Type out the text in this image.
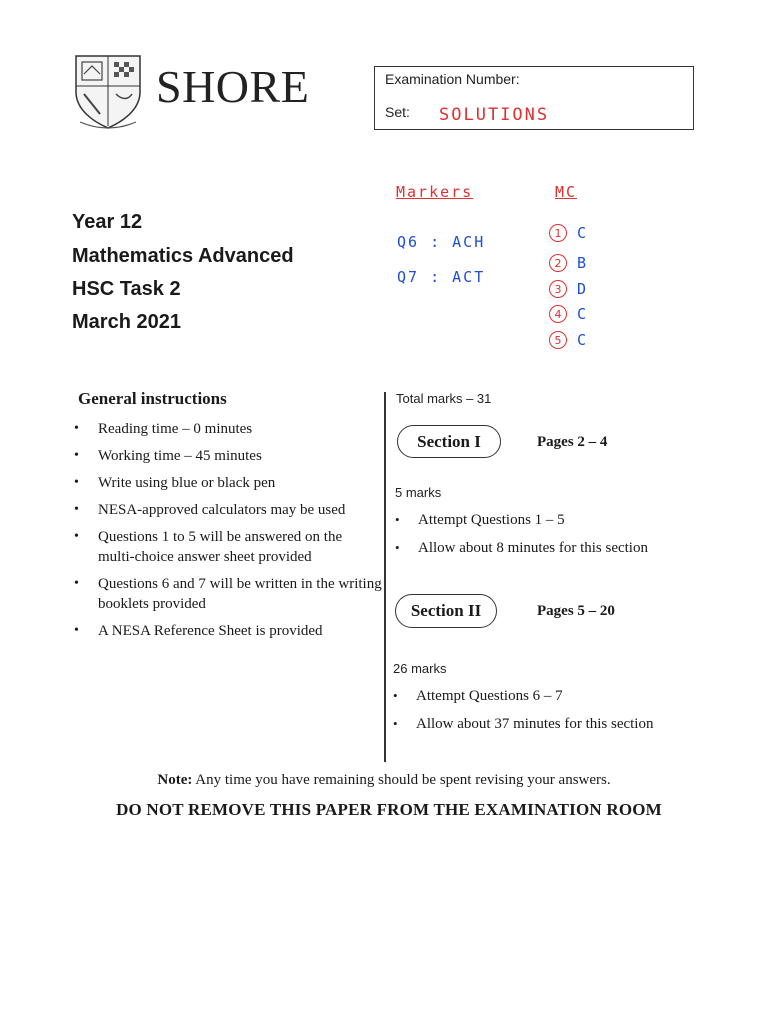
SHORE	Examination Number:
Set: SOLUTIONS
Year 12
Mathematics Advanced
HSC Task 2
March 2021
Markers
Q6 : ACH
Q7 : ACT
MC
1	C
2	B
3	D
4	C
5	C
General instructions
• Reading time – 0 minutes
• Working time – 45 minutes
• Write using blue or black pen
• NESA-approved calculators may be used
• Questions 1 to 5 will be answered on the multi-choice answer sheet provided
• Questions 6 and 7 will be written in the writing booklets provided
• A NESA Reference Sheet is provided
Total marks – 31
Section I	Pages 2 – 4
5 marks
• Attempt Questions 1 – 5
• Allow about 8 minutes for this section
Section II	Pages 5 – 20
26 marks
• Attempt Questions 6 – 7
• Allow about 37 minutes for this section
Note: Any time you have remaining should be spent revising your answers.
DO NOT REMOVE THIS PAPER FROM THE EXAMINATION ROOM
